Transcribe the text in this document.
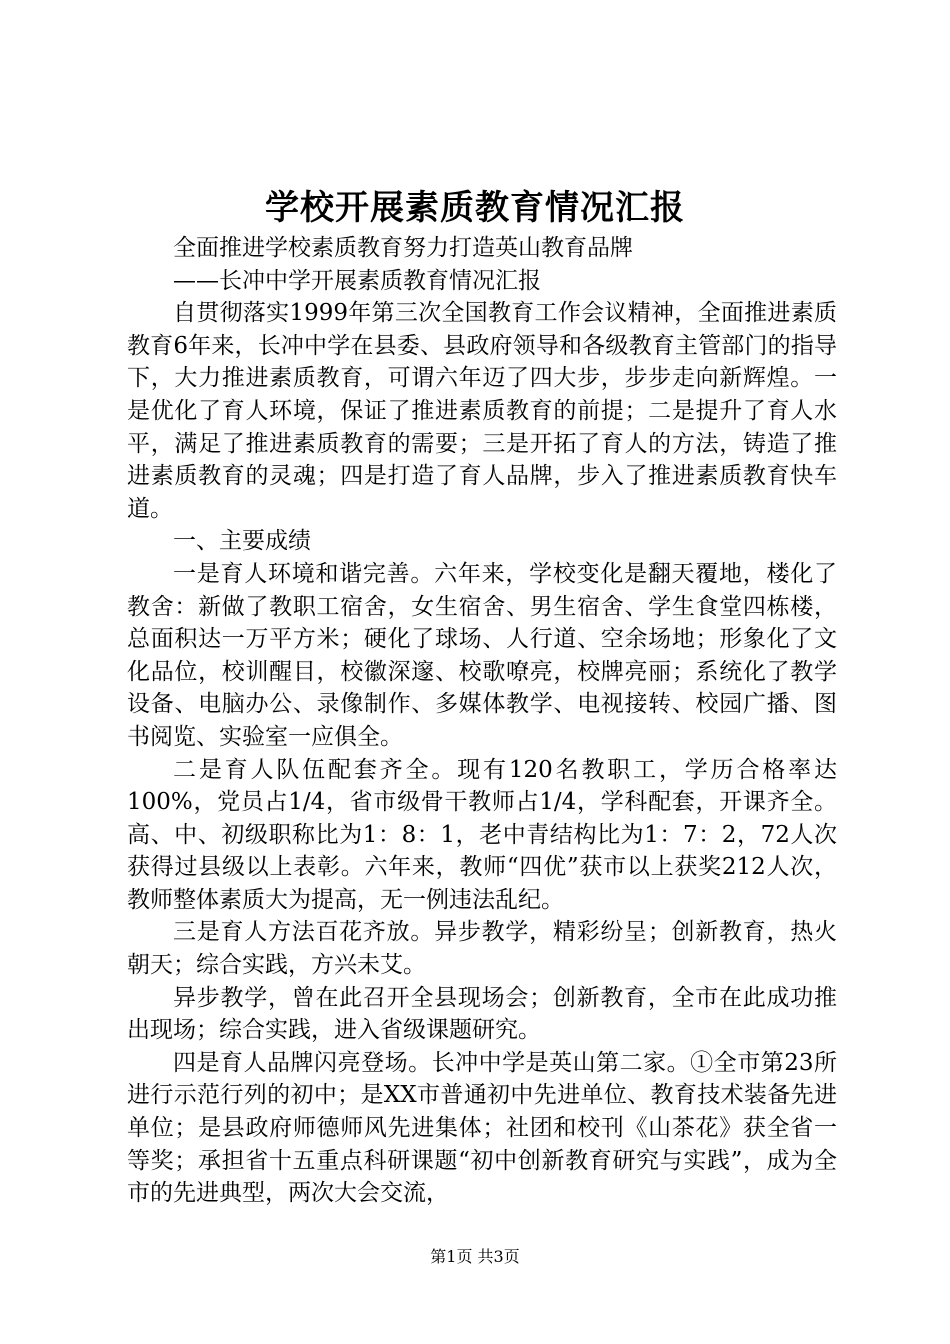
学校开展素质教育情况汇报

全面推进学校素质教育努力打造英山教育品牌

——长冲中学开展素质教育情况汇报

自贯彻落实1999年第三次全国教育工作会议精神，全面推进素质教育6年来，长冲中学在县委、县政府领导和各级教育主管部门的指导下，大力推进素质教育，可谓六年迈了四大步，步步走向新辉煌。一是优化了育人环境，保证了推进素质教育的前提；二是提升了育人水平，满足了推进素质教育的需要；三是开拓了育人的方法，铸造了推进素质教育的灵魂；四是打造了育人品牌，步入了推进素质教育快车道。

一、主要成绩

一是育人环境和谐完善。六年来，学校变化是翻天覆地，楼化了教舍：新做了教职工宿舍，女生宿舍、男生宿舍、学生食堂四栋楼，总面积达一万平方米；硬化了球场、人行道、空余场地；形象化了文化品位，校训醒目，校徽深邃、校歌嘹亮，校牌亮丽；系统化了教学设备、电脑办公、录像制作、多媒体教学、电视接转、校园广播、图书阅览、实验室一应俱全。

二是育人队伍配套齐全。现有120名教职工，学历合格率达100%，党员占1/4，省市级骨干教师占1/4，学科配套，开课齐全。高、中、初级职称比为1：8：1，老中青结构比为1：7：2，72人次获得过县级以上表彰。六年来，教师“四优”获市以上获奖212人次，教师整体素质大为提高，无一例违法乱纪。

三是育人方法百花齐放。异步教学，精彩纷呈；创新教育，热火朝天；综合实践，方兴未艾。

异步教学，曾在此召开全县现场会；创新教育，全市在此成功推出现场；综合实践，进入省级课题研究。

四是育人品牌闪亮登场。长冲中学是英山第二家。①全市第23所进行示范行列的初中；是XX市普通初中先进单位、教育技术装备先进单位；是县政府师德师风先进集体；社团和校刊《山茶花》获全省一等奖；承担省十五重点科研课题“初中创新教育研究与实践”，成为全市的先进典型，两次大会交流，

第1页 共3页
